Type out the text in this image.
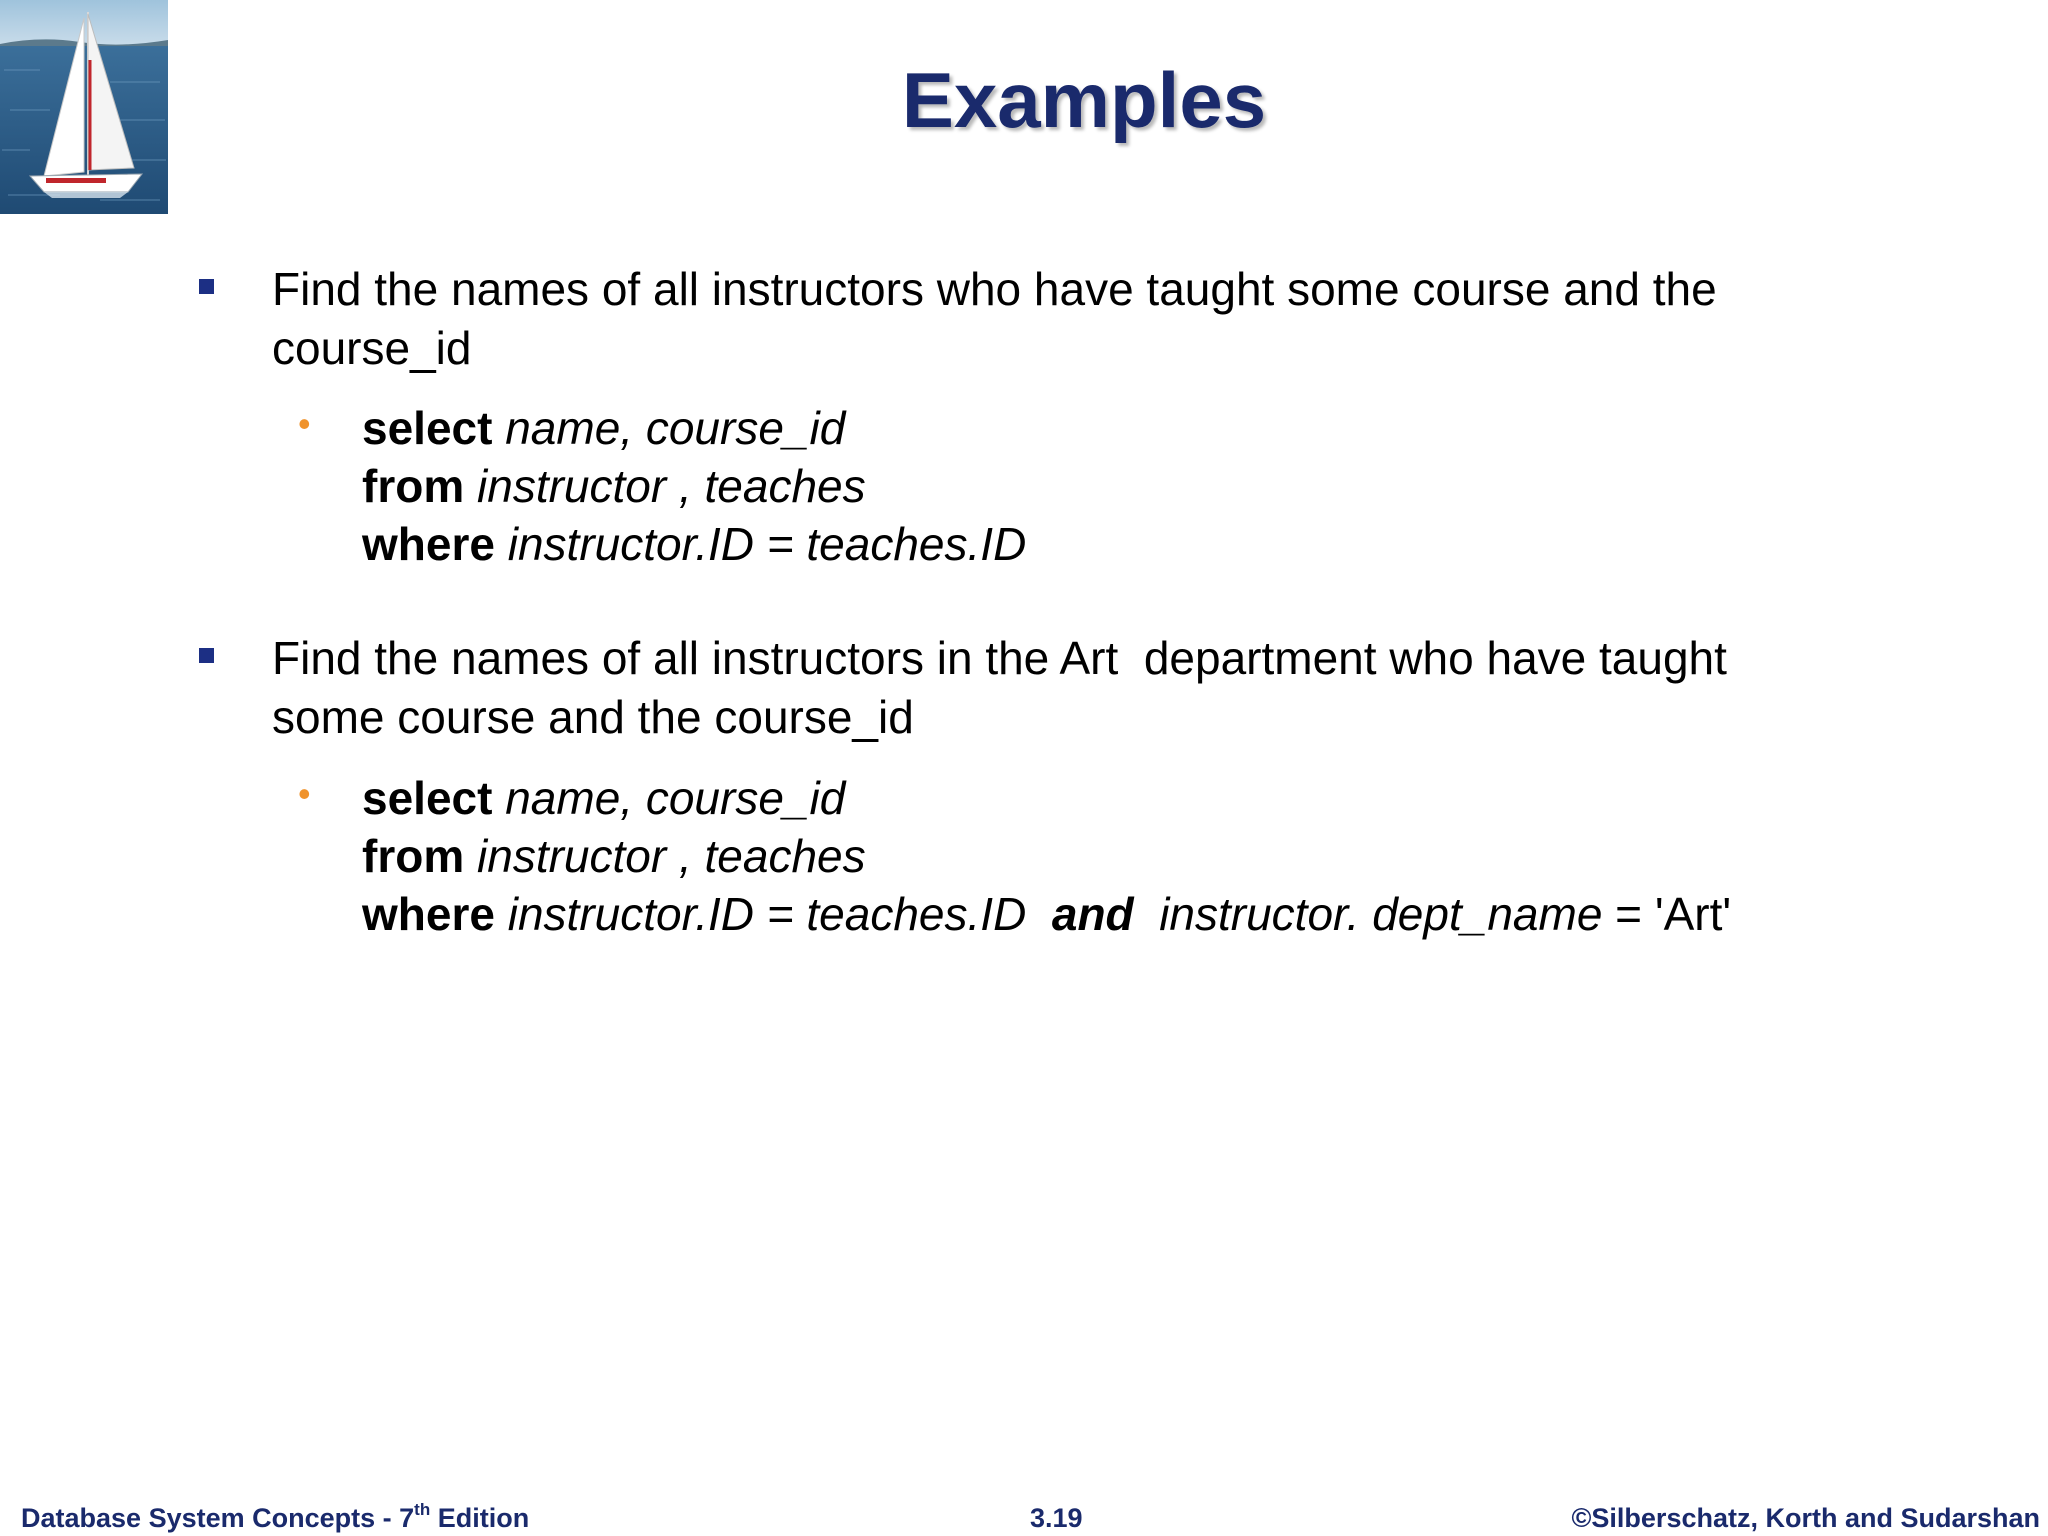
Examples
Find the names of all instructors who have taught some course and the
course_id
• select name, course_id
from instructor , teaches
where instructor.ID = teaches.ID
Find the names of all instructors in the Art  department who have taught
some course and the course_id
• select name, course_id
from instructor , teaches
where instructor.ID = teaches.ID  and  instructor. dept_name = 'Art'
Database System Concepts - 7th Edition	3.19	©Silberschatz, Korth and Sudarshan
